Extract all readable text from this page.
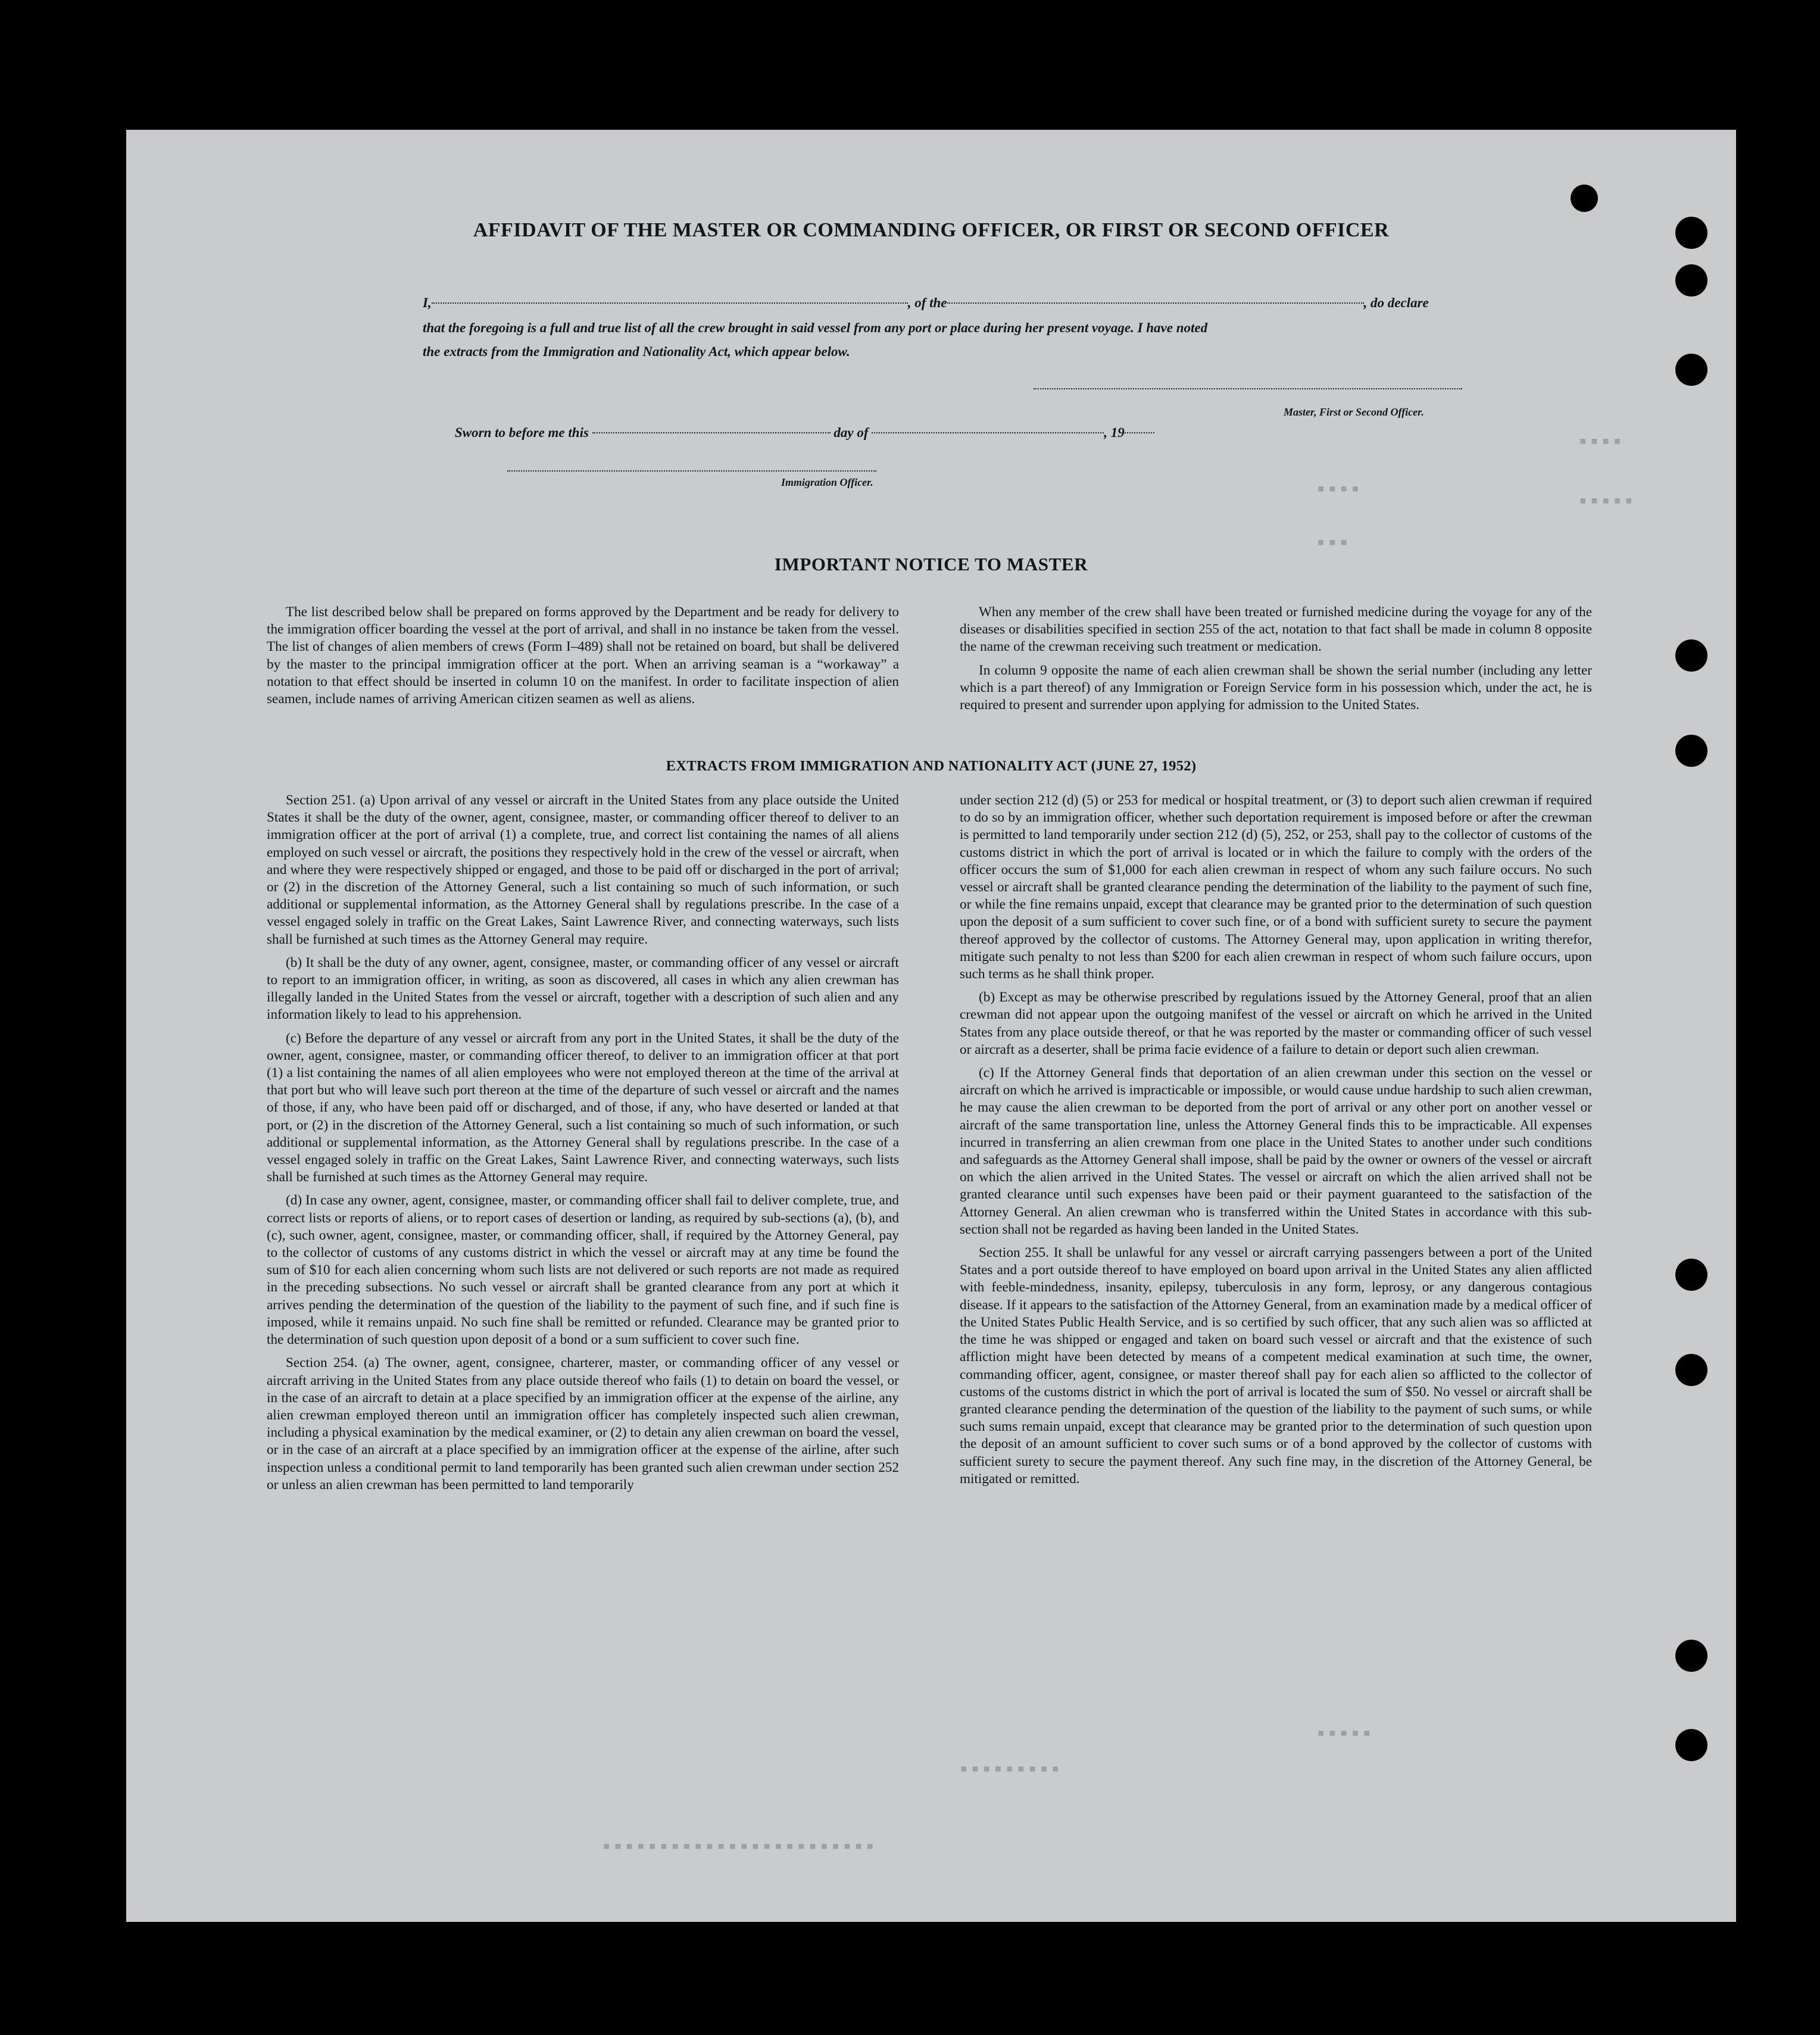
▪▪▪▪
▪▪▪▪▪
▪▪▪▪
▪▪▪
▪▪▪▪▪
▪▪▪▪▪▪▪▪▪
▪▪▪▪▪▪▪▪▪▪▪▪▪▪▪▪▪▪▪▪▪▪▪▪
AFFIDAVIT OF THE MASTER OR COMMANDING OFFICER, OR FIRST OR SECOND OFFICER
I,	, of the	, do declare
that the foregoing is a full and true list of all the crew brought in said vessel from any port or place during her present voyage. I have noted
the extracts from the Immigration and Nationality Act, which appear below.
Master, First or Second Officer.
Sworn to before me this	day of	, 19
Immigration Officer.
IMPORTANT NOTICE TO MASTER

The list described below shall be prepared on forms approved by the Department and be ready for delivery to the immigration officer boarding the vessel at the port of arrival, and shall in no instance be taken from the vessel. The list of changes of alien members of crews (Form I–489) shall not be retained on board, but shall be delivered by the master to the principal immigration officer at the port. When an arriving seaman is a “workaway” a notation to that effect should be inserted in column 10 on the manifest. In order to facilitate inspection of alien seamen, include names of arriving American citizen seamen as well as aliens.

When any member of the crew shall have been treated or furnished medicine during the voyage for any of the diseases or disabilities specified in section 255 of the act, notation to that fact shall be made in column 8 opposite the name of the crewman receiving such treatment or medication.

In column 9 opposite the name of each alien crewman shall be shown the serial number (including any letter which is a part thereof) of any Immigration or Foreign Service form in his possession which, under the act, he is required to present and surrender upon applying for admission to the United States.

EXTRACTS FROM IMMIGRATION AND NATIONALITY ACT (JUNE 27, 1952)

Section 251. (a) Upon arrival of any vessel or aircraft in the United States from any place outside the United States it shall be the duty of the owner, agent, consignee, master, or commanding officer thereof to deliver to an immigration officer at the port of arrival (1) a complete, true, and correct list containing the names of all aliens employed on such vessel or aircraft, the positions they respectively hold in the crew of the vessel or aircraft, when and where they were respectively shipped or engaged, and those to be paid off or discharged in the port of arrival; or (2) in the discretion of the Attorney General, such a list containing so much of such information, or such additional or supplemental information, as the Attorney General shall by regulations prescribe. In the case of a vessel engaged solely in traffic on the Great Lakes, Saint Lawrence River, and connecting waterways, such lists shall be furnished at such times as the Attorney General may require.

(b) It shall be the duty of any owner, agent, consignee, master, or commanding officer of any vessel or aircraft to report to an immigration officer, in writing, as soon as discovered, all cases in which any alien crewman has illegally landed in the United States from the vessel or aircraft, together with a description of such alien and any information likely to lead to his apprehension.

(c) Before the departure of any vessel or aircraft from any port in the United States, it shall be the duty of the owner, agent, consignee, master, or commanding officer thereof, to deliver to an immigration officer at that port (1) a list containing the names of all alien employees who were not employed thereon at the time of the arrival at that port but who will leave such port thereon at the time of the departure of such vessel or aircraft and the names of those, if any, who have been paid off or discharged, and of those, if any, who have deserted or landed at that port, or (2) in the discretion of the Attorney General, such a list containing so much of such information, or such additional or supplemental information, as the Attorney General shall by regulations prescribe. In the case of a vessel engaged solely in traffic on the Great Lakes, Saint Lawrence River, and connecting waterways, such lists shall be furnished at such times as the Attorney General may require.

(d) In case any owner, agent, consignee, master, or commanding officer shall fail to deliver complete, true, and correct lists or reports of aliens, or to report cases of desertion or landing, as required by sub-sections (a), (b), and (c), such owner, agent, consignee, master, or commanding officer, shall, if required by the Attorney General, pay to the collector of customs of any customs district in which the vessel or aircraft may at any time be found the sum of $10 for each alien concerning whom such lists are not delivered or such reports are not made as required in the preceding subsections. No such vessel or aircraft shall be granted clearance from any port at which it arrives pending the determination of the question of the liability to the payment of such fine, and if such fine is imposed, while it remains unpaid. No such fine shall be remitted or refunded. Clearance may be granted prior to the determination of such question upon deposit of a bond or a sum sufficient to cover such fine.

Section 254. (a) The owner, agent, consignee, charterer, master, or commanding officer of any vessel or aircraft arriving in the United States from any place outside thereof who fails (1) to detain on board the vessel, or in the case of an aircraft to detain at a place specified by an immigration officer at the expense of the airline, any alien crewman employed thereon until an immigration officer has completely inspected such alien crewman, including a physical examination by the medical examiner, or (2) to detain any alien crewman on board the vessel, or in the case of an aircraft at a place specified by an immigration officer at the expense of the airline, after such inspection unless a conditional permit to land temporarily has been granted such alien crewman under section 252 or unless an alien crewman has been permitted to land temporarily

under section 212 (d) (5) or 253 for medical or hospital treatment, or (3) to deport such alien crewman if required to do so by an immigration officer, whether such deportation requirement is imposed before or after the crewman is permitted to land temporarily under section 212 (d) (5), 252, or 253, shall pay to the collector of customs of the customs district in which the port of arrival is located or in which the failure to comply with the orders of the officer occurs the sum of $1,000 for each alien crewman in respect of whom any such failure occurs. No such vessel or aircraft shall be granted clearance pending the determination of the liability to the payment of such fine, or while the fine remains unpaid, except that clearance may be granted prior to the determination of such question upon the deposit of a sum sufficient to cover such fine, or of a bond with sufficient surety to secure the payment thereof approved by the collector of customs. The Attorney General may, upon application in writing therefor, mitigate such penalty to not less than $200 for each alien crewman in respect of whom such failure occurs, upon such terms as he shall think proper.

(b) Except as may be otherwise prescribed by regulations issued by the Attorney General, proof that an alien crewman did not appear upon the outgoing manifest of the vessel or aircraft on which he arrived in the United States from any place outside thereof, or that he was reported by the master or commanding officer of such vessel or aircraft as a deserter, shall be prima facie evidence of a failure to detain or deport such alien crewman.

(c) If the Attorney General finds that deportation of an alien crewman under this section on the vessel or aircraft on which he arrived is impracticable or impossible, or would cause undue hardship to such alien crewman, he may cause the alien crewman to be deported from the port of arrival or any other port on another vessel or aircraft of the same transportation line, unless the Attorney General finds this to be impracticable. All expenses incurred in transferring an alien crewman from one place in the United States to another under such conditions and safeguards as the Attorney General shall impose, shall be paid by the owner or owners of the vessel or aircraft on which the alien arrived in the United States. The vessel or aircraft on which the alien arrived shall not be granted clearance until such expenses have been paid or their payment guaranteed to the satisfaction of the Attorney General. An alien crewman who is transferred within the United States in accordance with this sub-section shall not be regarded as having been landed in the United States.

Section 255. It shall be unlawful for any vessel or aircraft carrying passengers between a port of the United States and a port outside thereof to have employed on board upon arrival in the United States any alien afflicted with feeble-mindedness, insanity, epilepsy, tuberculosis in any form, leprosy, or any dangerous contagious disease. If it appears to the satisfaction of the Attorney General, from an examination made by a medical officer of the United States Public Health Service, and is so certified by such officer, that any such alien was so afflicted at the time he was shipped or engaged and taken on board such vessel or aircraft and that the existence of such affliction might have been detected by means of a competent medical examination at such time, the owner, commanding officer, agent, consignee, or master thereof shall pay for each alien so afflicted to the collector of customs of the customs district in which the port of arrival is located the sum of $50. No vessel or aircraft shall be granted clearance pending the determination of the question of the liability to the payment of such sums, or while such sums remain unpaid, except that clearance may be granted prior to the determination of such question upon the deposit of an amount sufficient to cover such sums or of a bond approved by the collector of customs with sufficient surety to secure the payment thereof. Any such fine may, in the discretion of the Attorney General, be mitigated or remitted.
